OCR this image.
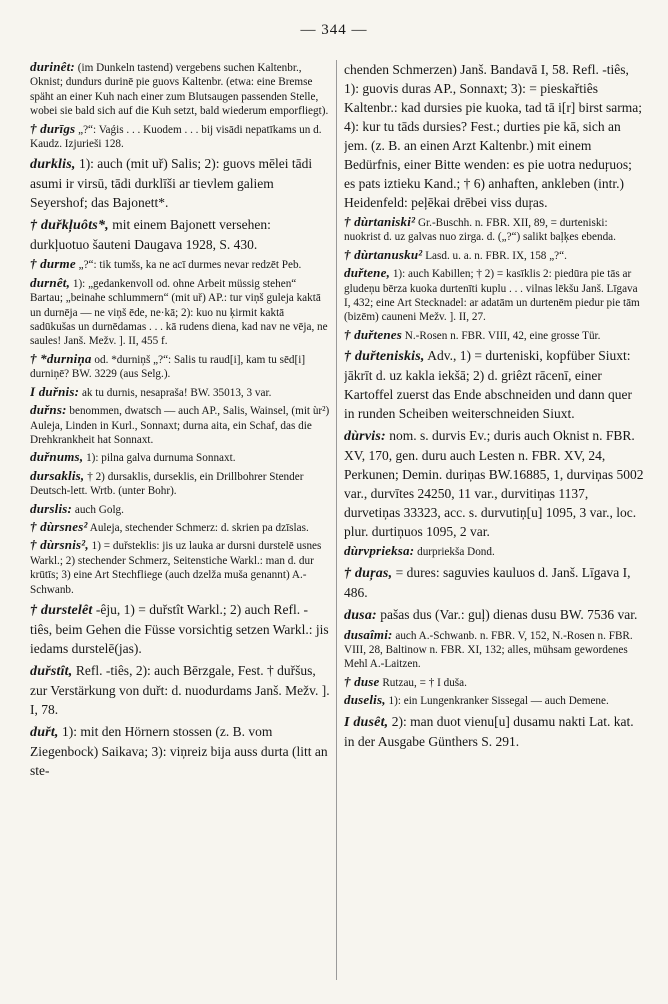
— 344 —

durinêt: (im Dunkeln tastend) vergebens suchen Kaltenbr., Oknist; dundurs durinē pie guovs Kaltenbr. (etwa: eine Bremse späht an einer Kuh nach einer zum Blutsaugen passenden Stelle, wobei sie bald sich auf die Kuh setzt, bald wiederum emporfliegt).

† durīgs „?“: Vaǵis . . . Kuodem . . . bij visādi nepatīkams un d. Kaudz. Izjurieši 128.

durklis, 1): auch (mit uř) Salis; 2): guovs mēlei tādi asumi ir virsū, tādi durklīši ar tievlem galiem Seyershof; das Bajonett*.

† duřkļuôts*, mit einem Bajonett versehen: durkļuotuo šauteni Daugava 1928, S. 430.

† durme „?“: tik tumšs, ka ne acī durmes nevar redzēt Peb.

durnêt, 1): „gedankenvoll od. ohne Arbeit müssig stehen“ Bartau; „beinahe schlummern“ (mit uř) AP.: tur viņš guleja kaktā un durnēja — ne viņš ēde, ne·kā; 2): kuo nu ķirmit kaktā sadūkušas un durnēdamas . . . kā rudens diena, kad nav ne vēja, ne saules! Janš. Mežv. ]. II, 455 f.

† *durniņa od. *durniņš „?“: Salis tu raud[i], kam tu sēd[i] durniņē? BW. 3229 (aus Selg.).

I duřnis: ak tu durnis, nesapraša! BW. 35013, 3 var.

duřns: benommen, dwatsch — auch AP., Salis, Wainsel, (mit ùr²) Auleja, Linden in Kurl., Sonnaxt; durna aita, ein Schaf, das die Drehkrankheit hat Sonnaxt.

duřnums, 1): pilna galva durnuma Sonnaxt.

dursaklis, † 2) dursaklis, durseklis, ein Drillbohrer Stender Deutsch-lett. Wrtb. (unter Bohr).

durslis: auch Golg.

† dùrsnes² Auleja, stechender Schmerz: d. skrien pa dzīslas.

† dùrsnis², 1) = duřsteklis: jis uz lauka ar dursni durstelē usnes Warkl.; 2) stechender Schmerz, Seitenstiche Warkl.: man d. dur krūtīs; 3) eine Art Stechfliege (auch dzelža muša genannt) A.-Schwanb.

† durstelêt -êju, 1) = duřstît Warkl.; 2) auch Refl. -tiês, beim Gehen die Füsse vorsichtig setzen Warkl.: jis iedams durstelē(jas).

duřstît, Refl. -tiês, 2): auch Bērzgale, Fest. † duřšus, zur Verstärkung von duřt: d. nuodurdams Janš. Mežv. ]. I, 78.

duřt, 1): mit den Hörnern stossen (z. B. vom Ziegenbock) Saikava; 3): viņreiz bija auss durta (litt an ste-

chenden Schmerzen) Janš. Bandavā I, 58. Refl. -tiês, 1): guovis duras AP., Sonnaxt; 3): = pieskařtiês Kaltenbr.: kad dursies pie kuoka, tad tā i[r] birst sarma; 4): kur tu tāds dursies? Fest.; durties pie kā, sich an jem. (z. B. an einen Arzt Kaltenbr.) mit einem Bedürfnis, einer Bitte wenden: es pie uotra neduŗuos; es pats iztieku Kand.; † 6) anhaften, ankleben (intr.) Heidenfeld: peļēkai drēbei viss duŗas.

† dùrtaniski² Gr.-Buschh. n. FBR. XII, 89, = durteniski: nuokrist d. uz galvas nuo zirga. d. („?“) salikt baļķes ebenda.

† dùrtanusku² Lasd. u. a. n. FBR. IX, 158 „?“.

duřtene, 1): auch Kabillen; † 2) = kasīklis 2: piedūra pie tās ar gludeņu bērza kuoka durtenīti kuplu . . . vilnas lēkšu Janš. Līgava I, 432; eine Art Stecknadel: ar adatām un durtenēm piedur pie tām (bizēm) cauneni Mežv. ]. II, 27.

† duřtenes N.-Rosen n. FBR. VIII, 42, eine grosse Tür.

† duřteniskis, Adv., 1) = durteniski, kopfüber Siuxt: jākrīt d. uz kakla iekšā; 2) d. griêzt rācenī, einer Kartoffel zuerst das Ende abschneiden und dann quer in runden Scheiben weiterschneiden Siuxt.

dùrvis: nom. s. durvis Ev.; duris auch Oknist n. FBR. XV, 170, gen. duru auch Lesten n. FBR. XV, 24, Perkunen; Demin. duriņas BW.16885, 1, durviņas 5002 var., durvītes 24250, 11 var., durvitiņas 1137, durvetiņas 33323, acc. s. durvutiņ[u] 1095, 3 var., loc. plur. durtiņuos 1095, 2 var.

dùrvprieksa: durpriekša Dond.

† duŗas, = dures: saguvies kauluos d. Janš. Līgava I, 486.

dusa: pašas dus (Var.: guļ) dienas dusu BW. 7536 var.

dusaîmi: auch A.-Schwanb. n. FBR. V, 152, N.-Rosen n. FBR. VIII, 28, Baltinow n. FBR. XI, 132; alles, mühsam gewordenes Mehl A.-Laitzen.

† duse Rutzau, = † I duša.

duselis, 1): ein Lungenkranker Sissegal — auch Demene.

I dusêt, 2): man duot vienu[u] dusamu nakti Lat. kat. in der Ausgabe Günthers S. 291.
